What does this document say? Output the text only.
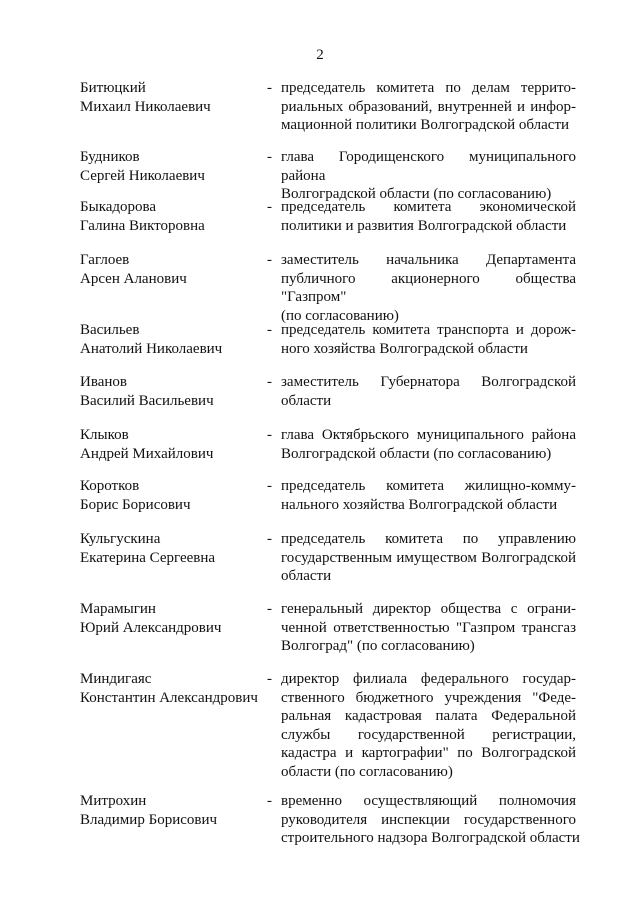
2
Битюцкий
Михаил Николаевич
- председатель комитета по делам террито-
риальных образований, внутренней и инфор-
мационной политики Волгоградской области
Будников
Сергей Николаевич
- глава Городищенского муниципального района
Волгоградской области (по согласованию)
Быкадорова
Галина Викторовна
- председатель комитета экономической
политики и развития Волгоградской области
Гаглоев
Арсен Аланович
- заместитель начальника Департамента
публичного акционерного общества "Газпром"
(по согласованию)
Васильев
Анатолий Николаевич
- председатель комитета транспорта и дорож-
ного хозяйства Волгоградской области
Иванов
Василий Васильевич
- заместитель Губернатора Волгоградской
области
Клыков
Андрей Михайлович
- глава Октябрьского муниципального района
Волгоградской области (по согласованию)
Коротков
Борис Борисович
- председатель комитета жилищно-комму-
нального хозяйства Волгоградской области
Кульгускина
Екатерина Сергеевна
- председатель комитета по управлению
государственным имуществом Волгоградской
области
Марамыгин
Юрий Александрович
- генеральный директор общества с ограни-
ченной ответственностью "Газпром трансгаз
Волгоград" (по согласованию)
Миндигаяс
Константин Александрович
- директор филиала федерального государ-
ственного бюджетного учреждения "Феде-
ральная кадастровая палата Федеральной
службы государственной регистрации,
кадастра и картографии" по Волгоградской
области (по согласованию)
Митрохин
Владимир Борисович
- временно осуществляющий полномочия
руководителя инспекции государственного
строительного надзора Волгоградской области
